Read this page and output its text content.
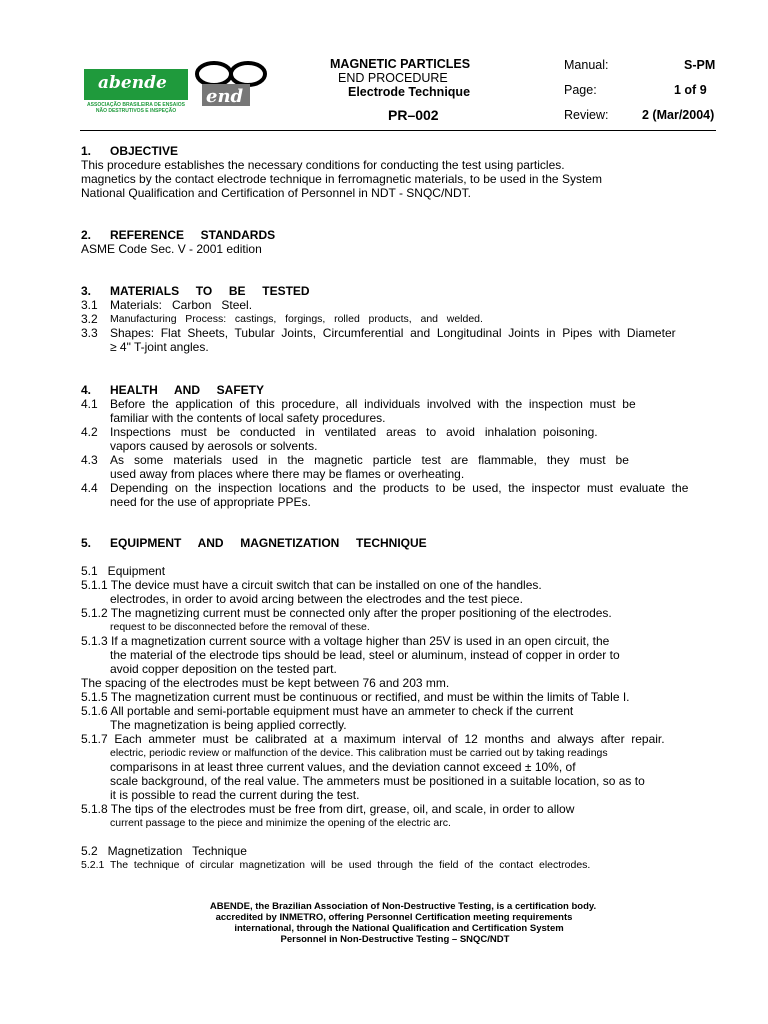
abende
ASSOCIAÇÃO BRASILEIRA DE ENSAIOS NÃO DESTRUTIVOS E INSPEÇÃO
end
MAGNETIC PARTICLES
END PROCEDURE
Electrode Technique
PR–002
Manual:	S-PM
Page:	1 of 9
Review:	2 (Mar/2004)
1. OBJECTIVE
This procedure establishes the necessary conditions for conducting the test using particles.
magnetics by the contact electrode technique in ferromagnetic materials, to be used in the System
National Qualification and Certification of Personnel in NDT - SNQC/NDT.
2. REFERENCE     STANDARDS
ASME Code Sec. V - 2001 edition
3. MATERIALS     TO     BE     TESTED
3.1 Materials:   Carbon   Steel.
3.2 Manufacturing   Process:   castings,   forgings,   rolled   products,   and   welded.
3.3 Shapes:  Flat  Sheets,  Tubular  Joints,  Circumferential  and  Longitudinal  Joints  in  Pipes  with  Diameter
≥ 4" T-joint angles.
4. HEALTH     AND     SAFETY
4.1 Before  the  application  of  this  procedure,  all  individuals  involved  with  the  inspection  must  be
familiar with the contents of local safety procedures.
4.2 Inspections   must   be   conducted   in   ventilated   areas   to   avoid   inhalation  poisoning.
vapors caused by aerosols or solvents.
4.3 As   some   materials   used   in   the   magnetic   particle   test   are   flammable,   they   must   be
used away from places where there may be flames or overheating.
4.4 Depending  on  the  inspection  locations  and  the  products  to  be  used,  the  inspector  must  evaluate  the
need for the use of appropriate PPEs.
5. EQUIPMENT     AND     MAGNETIZATION     TECHNIQUE
5.1   Equipment
5.1.1 The device must have a circuit switch that can be installed on one of the handles.
electrodes, in order to avoid arcing between the electrodes and the test piece.
5.1.2 The magnetizing current must be connected only after the proper positioning of the electrodes.
request to be disconnected before the removal of these.
5.1.3 If a magnetization current source with a voltage higher than 25V is used in an open circuit, the
the material of the electrode tips should be lead, steel or aluminum, instead of copper in order to
avoid copper deposition on the tested part.
The spacing of the electrodes must be kept between 76 and 203 mm.
5.1.5 The magnetization current must be continuous or rectified, and must be within the limits of Table I.
5.1.6 All portable and semi-portable equipment must have an ammeter to check if the current
The magnetization is being applied correctly.
5.1.7  Each  ammeter  must  be  calibrated  at  a  maximum  interval  of  12  months  and  always  after  repair.
electric, periodic review or malfunction of the device. This calibration must be carried out by taking readings
comparisons in at least three current values, and the deviation cannot exceed ± 10%, of
scale background, of the real value. The ammeters must be positioned in a suitable location, so as to
it is possible to read the current during the test.
5.1.8 The tips of the electrodes must be free from dirt, grease, oil, and scale, in order to allow
current passage to the piece and minimize the opening of the electric arc.
5.2   Magnetization   Technique
5.2.1  The  technique  of  circular  magnetization  will  be  used  through  the  field  of  the  contact  electrodes.
ABENDE, the Brazilian Association of Non-Destructive Testing, is a certification body.
accredited by INMETRO, offering Personnel Certification meeting requirements
international, through the National Qualification and Certification System
Personnel in Non-Destructive Testing – SNQC/NDT
